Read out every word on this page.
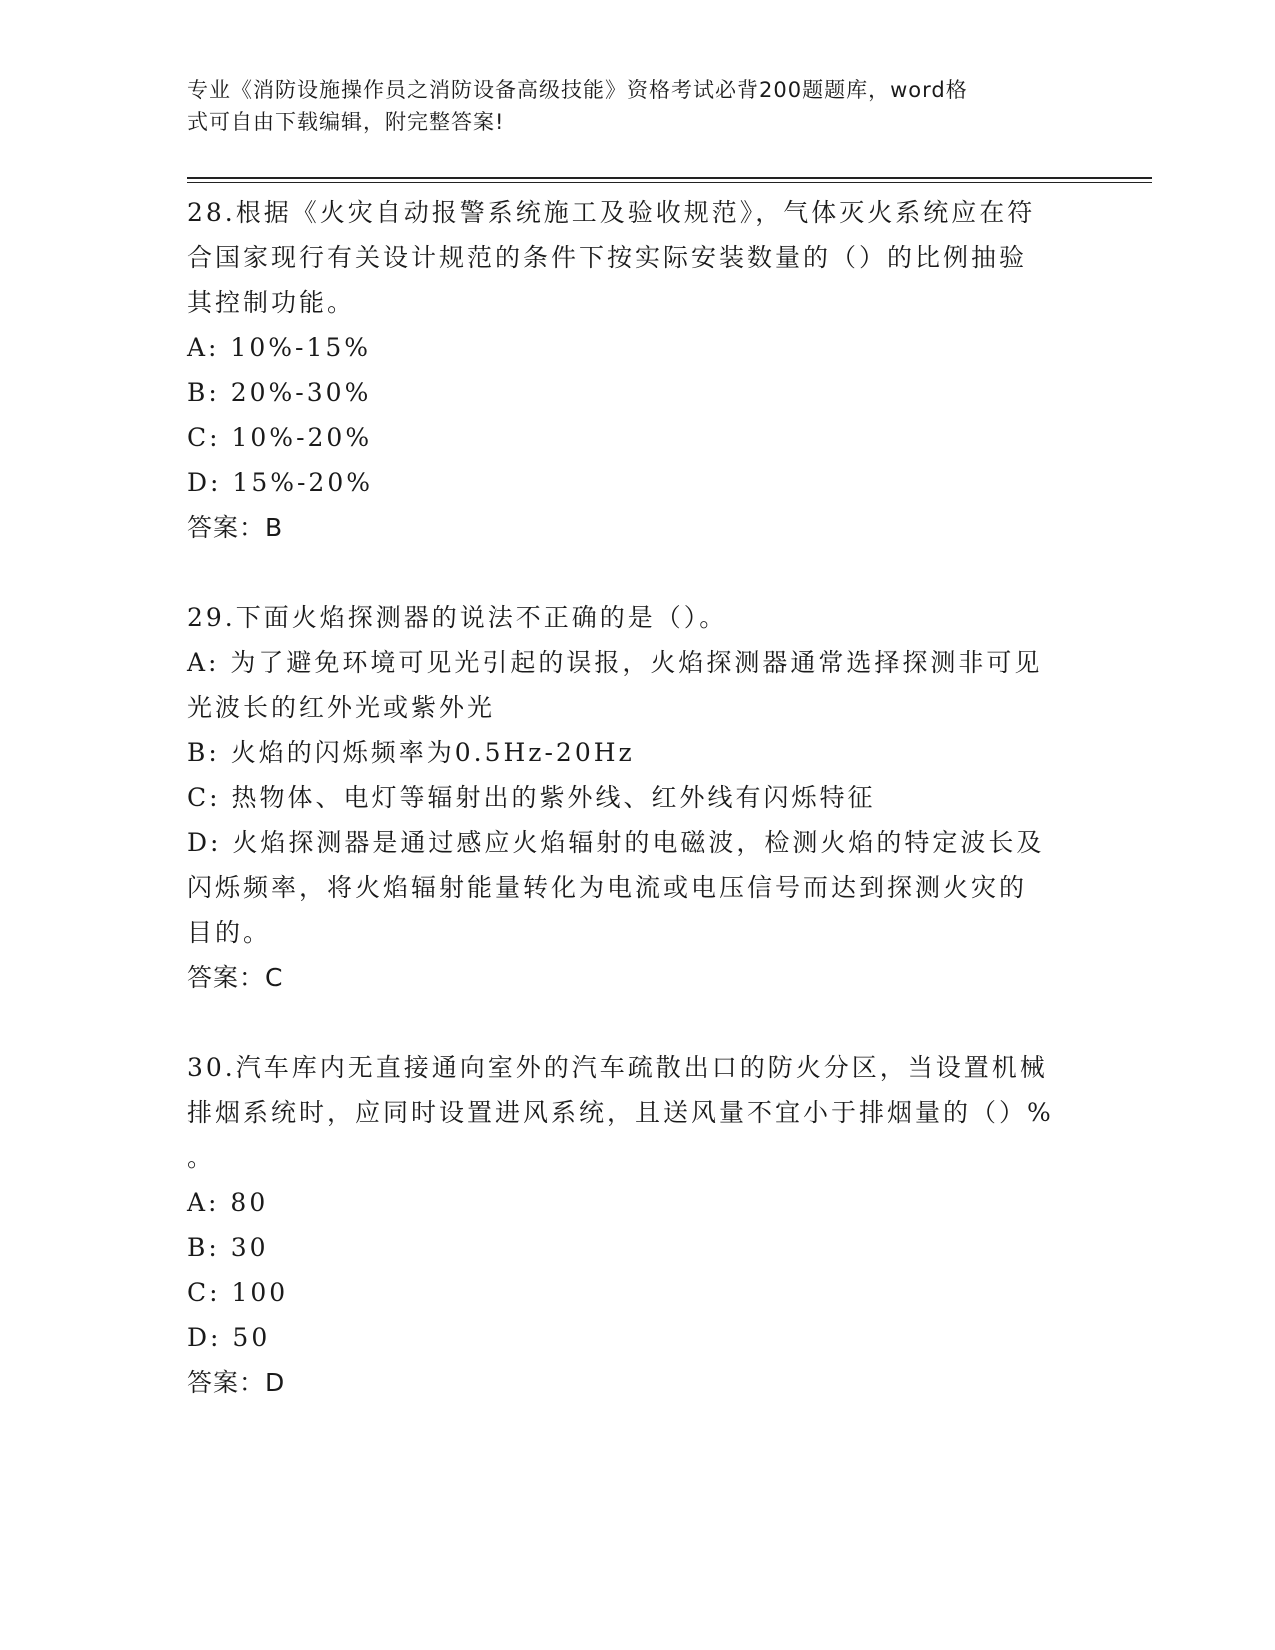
专业《消防设施操作员之消防设备高级技能》资格考试必背200题题库，word格
式可自由下载编辑，附完整答案!

28.根据《火灾自动报警系统施工及验收规范》，气体灭火系统应在符

合国家现行有关设计规范的条件下按实际安装数量的（）的比例抽验

其控制功能。

A: 10%-15%

B: 20%-30%

C: 10%-20%

D: 15%-20%

答案：B

29.下面火焰探测器的说法不正确的是（）。

A: 为了避免环境可见光引起的误报，火焰探测器通常选择探测非可见

光波长的红外光或紫外光

B: 火焰的闪烁频率为0.5Hz-20Hz

C: 热物体、电灯等辐射出的紫外线、红外线有闪烁特征

D: 火焰探测器是通过感应火焰辐射的电磁波，检测火焰的特定波长及

闪烁频率，将火焰辐射能量转化为电流或电压信号而达到探测火灾的

目的。

答案：C

30.汽车库内无直接通向室外的汽车疏散出口的防火分区，当设置机械

排烟系统时，应同时设置进风系统，且送风量不宜小于排烟量的（）%

。

A: 80

B: 30

C: 100

D: 50

答案：D
